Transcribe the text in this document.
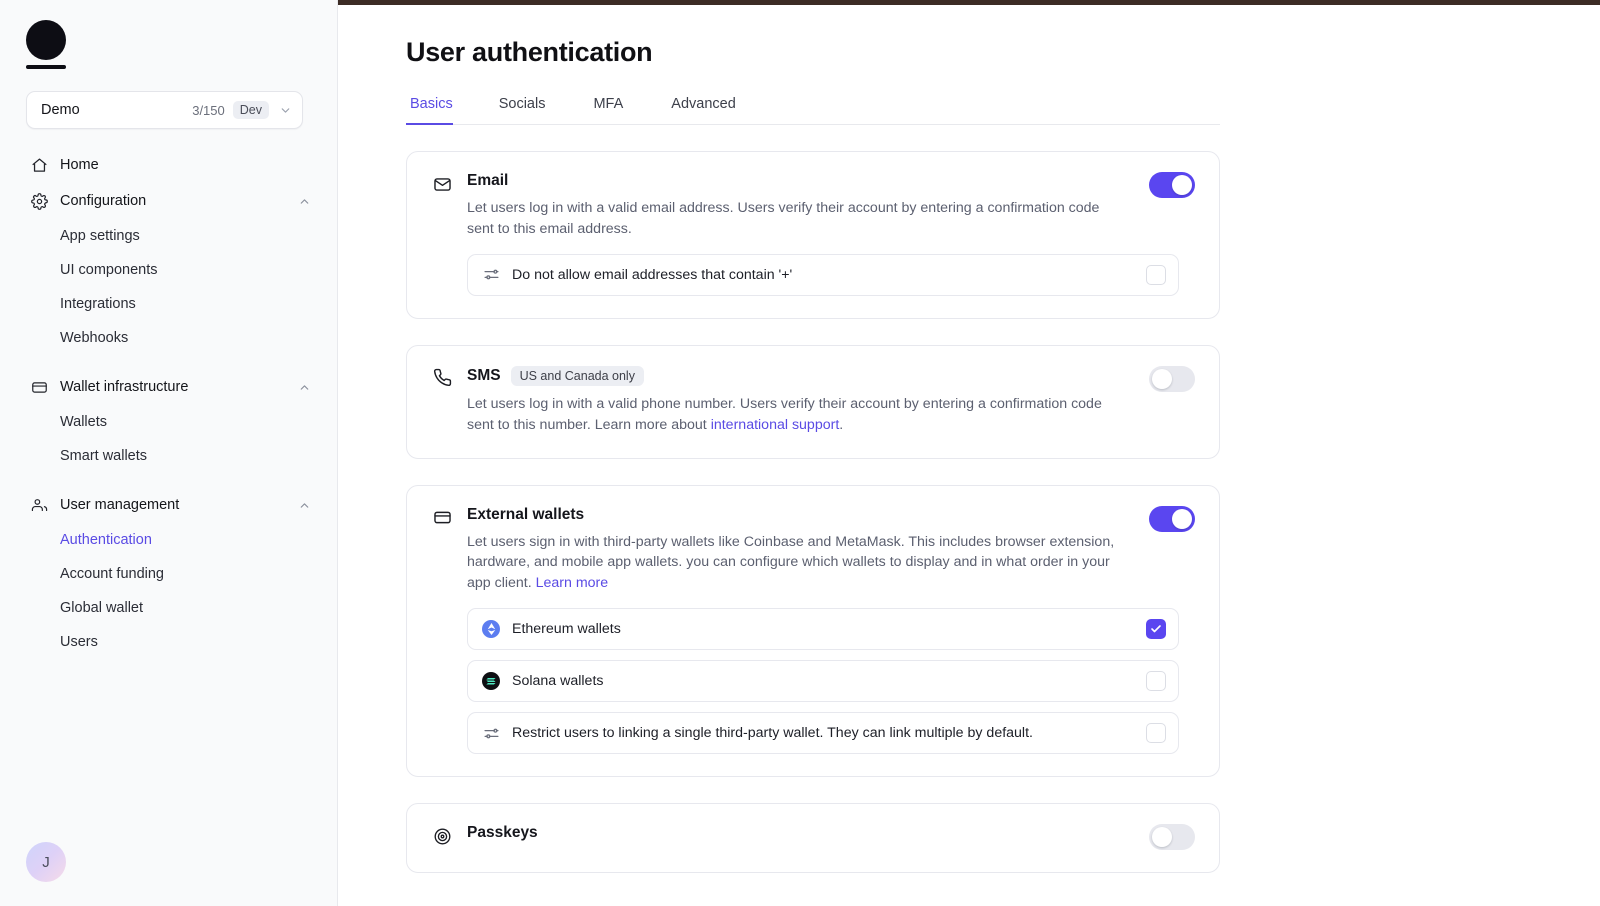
Demo	3/150	Dev
Home
Configuration
App settings
UI components
Integrations
Webhooks
Wallet infrastructure
Wallets
Smart wallets
User management
Authentication
Account funding
Global wallet
Users
J
User authentication
Basics	Socials	MFA	Advanced
Email

Let users log in with a valid email address. Users verify their account by entering a confirmation code sent to this email address.

Do not allow email addresses that contain '+'
SMS	US and Canada only

Let users log in with a valid phone number. Users verify their account by entering a confirmation code sent to this number. Learn more about international support.

External wallets

Let users sign in with third-party wallets like Coinbase and MetaMask. This includes browser extension, hardware, and mobile app wallets. you can configure which wallets to display and in what order in your app client. Learn more

Ethereum wallets
Solana wallets
Restrict users to linking a single third-party wallet. They can link multiple by default.
Passkeys
